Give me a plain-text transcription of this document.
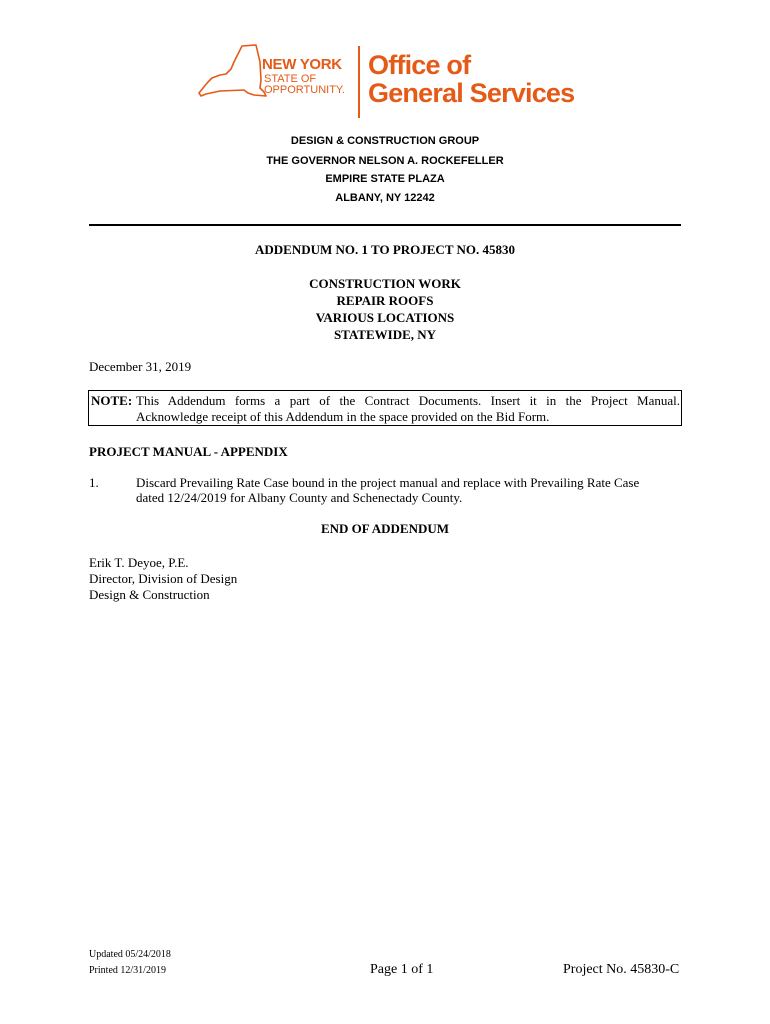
NEW YORK
STATE OF
OPPORTUNITY.
Office of
General Services
DESIGN & CONSTRUCTION GROUP
THE GOVERNOR NELSON A. ROCKEFELLER
EMPIRE STATE PLAZA
ALBANY, NY 12242
ADDENDUM NO. 1 TO PROJECT NO. 45830
CONSTRUCTION WORK
REPAIR ROOFS
VARIOUS LOCATIONS
STATEWIDE, NY
December 31, 2019
NOTE: This Addendum forms a part of the Contract Documents. Insert it in the Project Manual.
Acknowledge receipt of this Addendum in the space provided on the Bid Form.
PROJECT MANUAL - APPENDIX
1.	Discard Prevailing Rate Case bound in the project manual and replace with Prevailing Rate Case
dated 12/24/2019 for Albany County and Schenectady County.
END OF ADDENDUM
Erik T. Deyoe, P.E.
Director, Division of Design
Design & Construction
Updated 05/24/2018
Printed 12/31/2019	Page 1 of 1	Project No. 45830-C
